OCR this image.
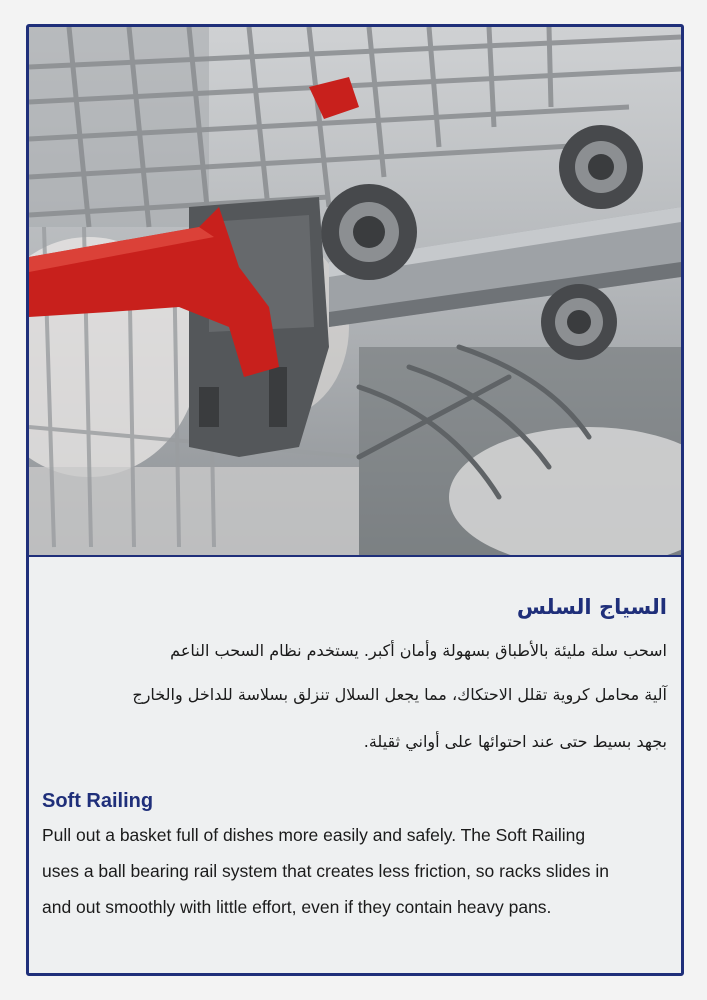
السياج السلس
اسحب سلة مليئة بالأطباق بسهولة وأمان أكبر. يستخدم نظام السحب الناعم
آلية محامل كروية تقلل الاحتكاك، مما يجعل السلال تنزلق بسلاسة للداخل والخارج
بجهد بسيط حتى عند احتوائها على أواني ثقيلة.
Soft Railing
Pull out a basket full of dishes more easily and safely. The Soft Railing
uses a ball bearing rail system that creates less friction, so racks slides in
and out smoothly with little effort, even if they contain heavy pans.
